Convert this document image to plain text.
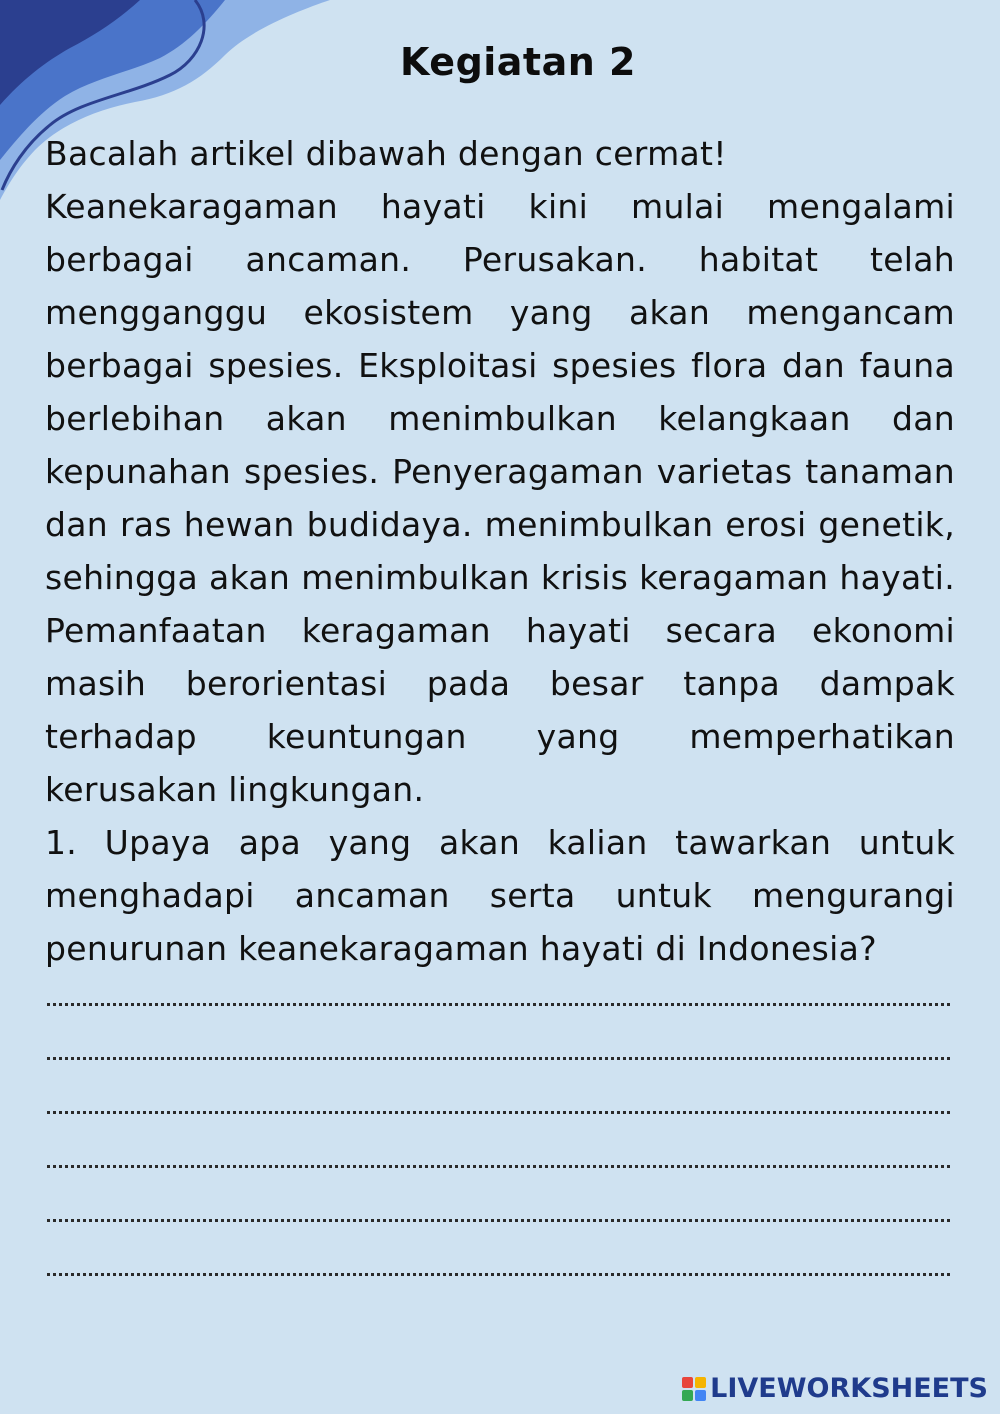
Kegiatan 2

Bacalah artikel dibawah dengan cermat!

Keanekaragaman hayati kini mulai mengalami berbagai ancaman. Perusakan. habitat telah mengganggu ekosistem yang akan mengancam berbagai spesies. Eksploitasi spesies flora dan fauna berlebihan akan menimbulkan kelangkaan dan kepunahan spesies. Penyeragaman varietas tanaman dan ras hewan budidaya. menimbulkan erosi genetik, sehingga akan menimbulkan krisis keragaman hayati. Pemanfaatan keragaman hayati secara ekonomi masih berorientasi pada besar tanpa dampak terhadap keuntungan yang memperhatikan kerusakan lingkungan.

1. Upaya apa yang akan kalian tawarkan untuk menghadapi ancaman serta untuk mengurangi penurunan keanekaragaman hayati di Indonesia?

LIVEWORKSHEETS
